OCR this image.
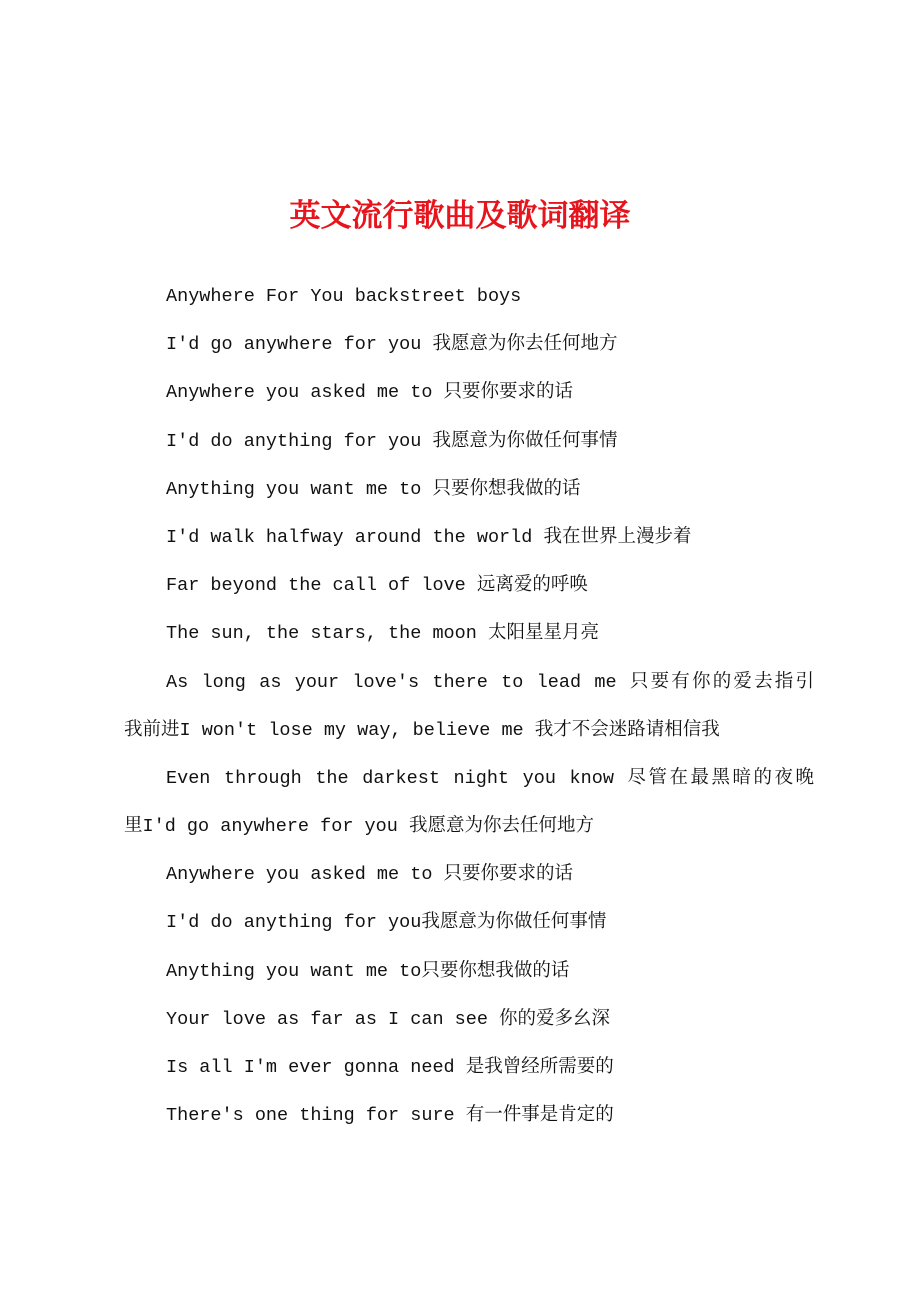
英文流行歌曲及歌词翻译
Anywhere For You backstreet boys
I'd go anywhere for you 我愿意为你去任何地方
Anywhere you asked me to 只要你要求的话
I'd do anything for you 我愿意为你做任何事情
Anything you want me to 只要你想我做的话
I'd walk halfway around the world 我在世界上漫步着
Far beyond the call of love 远离爱的呼唤
The sun, the stars, the moon 太阳星星月亮
As long as your love's there to lead me 只要有你的爱去指引
我前进I won't lose my way, believe me 我才不会迷路请相信我
Even through the darkest night you know 尽管在最黑暗的夜晚
里I'd go anywhere for you 我愿意为你去任何地方
Anywhere you asked me to 只要你要求的话
I'd do anything for you我愿意为你做任何事情
Anything you want me to只要你想我做的话
Your love as far as I can see 你的爱多幺深
Is all I'm ever gonna need 是我曾经所需要的
There's one thing for sure 有一件事是肯定的
